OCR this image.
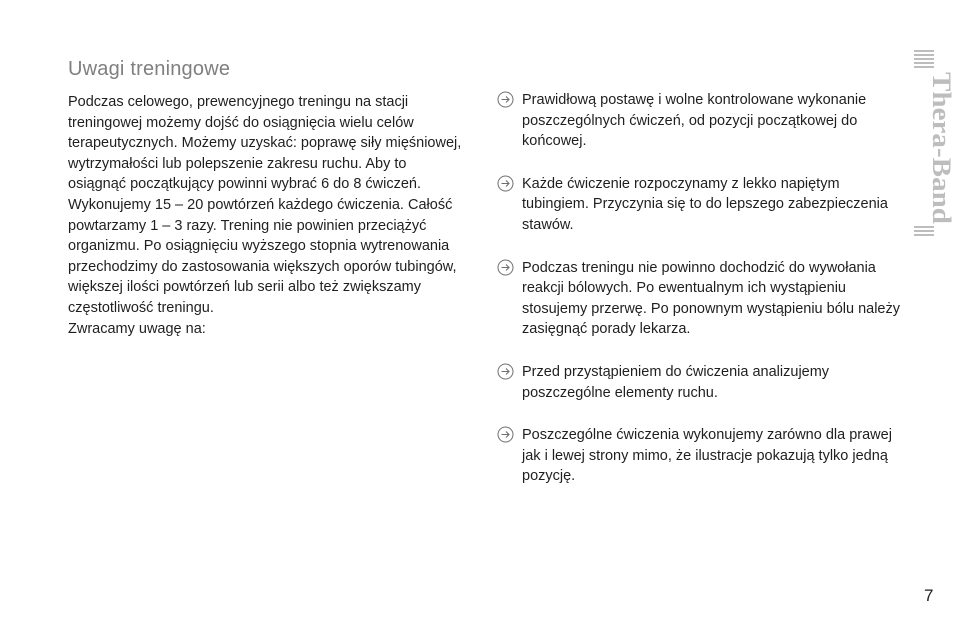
Uwagi treningowe

Podczas celowego, prewencyjnego treningu na stacji treningowej możemy dojść do osiągnięcia wielu celów terapeutycznych. Możemy uzyskać: poprawę siły mięśniowej, wytrzymałości lub polepszenie zakresu ruchu. Aby to osiągnąć początkujący powinni wybrać 6 do 8 ćwiczeń. Wykonujemy 15 – 20 powtórzeń każdego ćwiczenia. Całość powtarzamy 1 – 3 razy. Trening nie powinien przeciążyć organizmu. Po osiągnięciu wyższego stopnia wytrenowania przechodzimy do zastosowania większych oporów tubingów, większej ilości powtórzeń lub serii albo też zwiększamy częstotliwość treningu.

Zwracamy uwagę na:

Prawidłową postawę i wolne kontrolowane wykonanie poszczególnych ćwiczeń, od pozycji początkowej do końcowej.
Każde ćwiczenie rozpoczynamy z lekko napiętym tubingiem. Przyczynia się to do lepszego zabezpieczenia stawów.
Podczas treningu nie powinno dochodzić do wywołania reakcji bólowych. Po ewentualnym ich wystąpieniu stosujemy przerwę. Po ponownym wystąpieniu bólu należy zasięgnąć porady lekarza.
Przed przystąpieniem do ćwiczenia analizujemy poszczególne elementy ruchu.
Poszczególne ćwiczenia wykonujemy zarówno dla prawej jak i lewej strony mimo, że ilustracje pokazują tylko jedną pozycję.
Thera-Band
7
